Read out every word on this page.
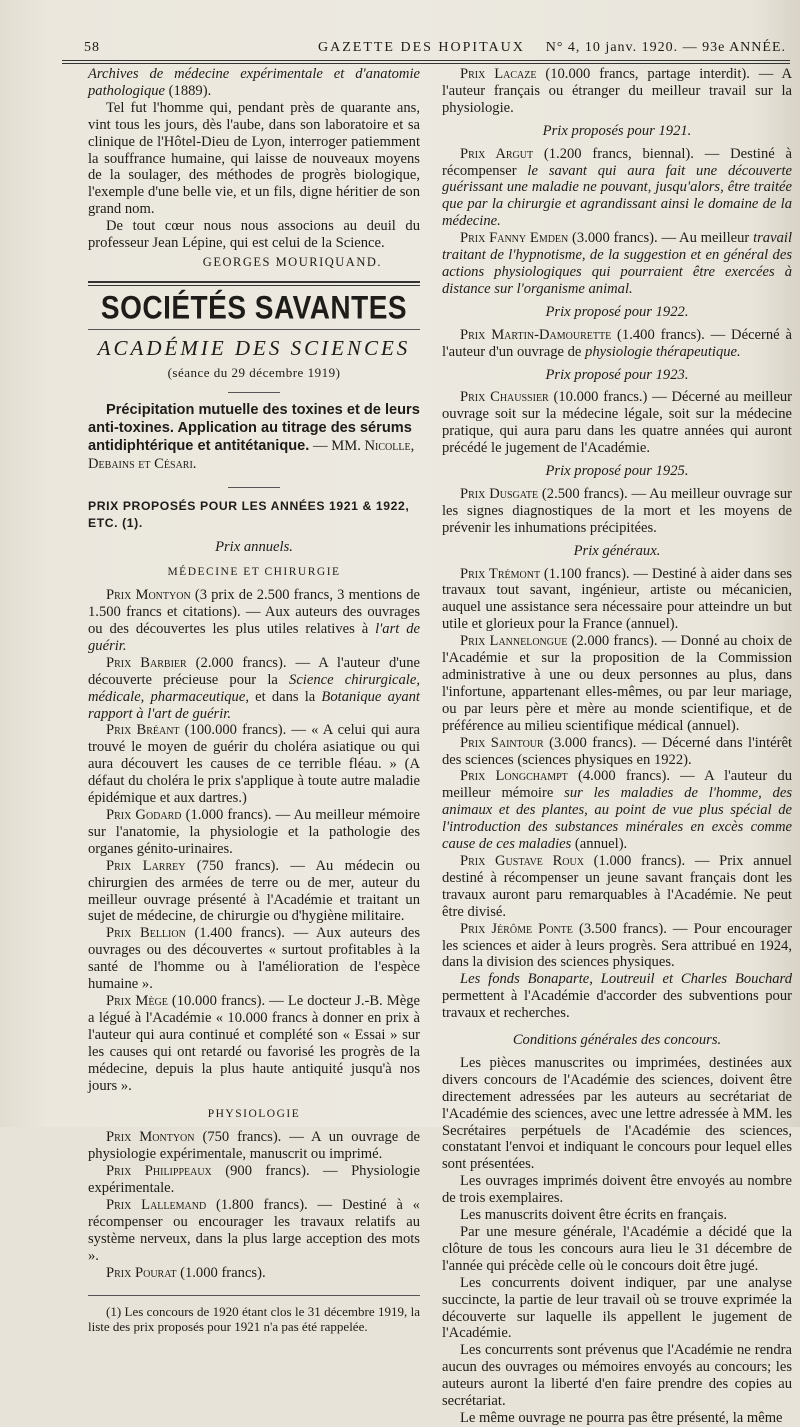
58	GAZETTE DES HOPITAUX N° 4, 10 janv. 1920. — 93e ANNÉE.

Archives de médecine expérimentale et d'anatomie pathologique (1889).

Tel fut l'homme qui, pendant près de quarante ans, vint tous les jours, dès l'aube, dans son laboratoire et sa clinique de l'Hôtel-Dieu de Lyon, interroger patiemment la souffrance humaine, qui laisse de nouveaux moyens de la soulager, des méthodes de progrès biologique, l'exemple d'une belle vie, et un fils, digne héritier de son grand nom.

De tout cœur nous nous associons au deuil du professeur Jean Lépine, qui est celui de la Science.

GEORGES MOURIQUAND.
SOCIÉTÉS SAVANTES
ACADÉMIE DES SCIENCES
(séance du 29 décembre 1919)

Précipitation mutuelle des toxines et de leurs anti-toxines. Application au titrage des sérums antidiphtérique et antitétanique. — MM. Nicolle, Debains et Césari.

PRIX PROPOSÉS POUR LES ANNÉES 1921 & 1922, ETC. (1).
Prix annuels.
MÉDECINE ET CHIRURGIE

Prix Montyon (3 prix de 2.500 francs, 3 mentions de 1.500 francs et citations). — Aux auteurs des ouvrages ou des découvertes les plus utiles relatives à l'art de guérir.

Prix Barbier (2.000 francs). — A l'auteur d'une découverte précieuse pour la Science chirurgicale, médicale, pharmaceutique, et dans la Botanique ayant rapport à l'art de guérir.

Prix Bréant (100.000 francs). — « A celui qui aura trouvé le moyen de guérir du choléra asiatique ou qui aura découvert les causes de ce terrible fléau. » (A défaut du choléra le prix s'applique à toute autre maladie épidémique et aux dartres.)

Prix Godard (1.000 francs). — Au meilleur mémoire sur l'anatomie, la physiologie et la pathologie des organes génito-urinaires.

Prix Larrey (750 francs). — Au médecin ou chirurgien des armées de terre ou de mer, auteur du meilleur ouvrage présenté à l'Académie et traitant un sujet de médecine, de chirurgie ou d'hygiène militaire.

Prix Bellion (1.400 francs). — Aux auteurs des ouvrages ou des découvertes « surtout profitables à la santé de l'homme ou à l'amélioration de l'espèce humaine ».

Prix Mège (10.000 francs). — Le docteur J.-B. Mège a légué à l'Académie « 10.000 francs à donner en prix à l'auteur qui aura continué et complété son « Essai » sur les causes qui ont retardé ou favorisé les progrès de la médecine, depuis la plus haute antiquité jusqu'à nos jours ».

PHYSIOLOGIE

Prix Montyon (750 francs). — A un ouvrage de physiologie expérimentale, manuscrit ou imprimé.

Prix Philippeaux (900 francs). — Physiologie expérimentale.

Prix Lallemand (1.800 francs). — Destiné à « récompenser ou encourager les travaux relatifs au système nerveux, dans la plus large acception des mots ».

Prix Pourat (1.000 francs).

(1) Les concours de 1920 étant clos le 31 décembre 1919, la liste des prix proposés pour 1921 n'a pas été rappelée.

Prix Lacaze (10.000 francs, partage interdit). — A l'auteur français ou étranger du meilleur travail sur la physiologie.

Prix proposés pour 1921.

Prix Argut (1.200 francs, biennal). — Destiné à récompenser le savant qui aura fait une découverte guérissant une maladie ne pouvant, jusqu'alors, être traitée que par la chirurgie et agrandissant ainsi le domaine de la médecine.

Prix Fanny Emden (3.000 francs). — Au meilleur travail traitant de l'hypnotisme, de la suggestion et en général des actions physiologiques qui pourraient être exercées à distance sur l'organisme animal.

Prix proposé pour 1922.

Prix Martin-Damourette (1.400 francs). — Décerné à l'auteur d'un ouvrage de physiologie thérapeutique.

Prix proposé pour 1923.

Prix Chaussier (10.000 francs.) — Décerné au meilleur ouvrage soit sur la médecine légale, soit sur la médecine pratique, qui aura paru dans les quatre années qui auront précédé le jugement de l'Académie.

Prix proposé pour 1925.

Prix Dusgate (2.500 francs). — Au meilleur ouvrage sur les signes diagnostiques de la mort et les moyens de prévenir les inhumations précipitées.

Prix généraux.

Prix Trémont (1.100 francs). — Destiné à aider dans ses travaux tout savant, ingénieur, artiste ou mécanicien, auquel une assistance sera nécessaire pour atteindre un but utile et glorieux pour la France (annuel).

Prix Lannelongue (2.000 francs). — Donné au choix de l'Académie et sur la proposition de la Commission administrative à une ou deux personnes au plus, dans l'infortune, appartenant elles-mêmes, ou par leur mariage, ou par leurs père et mère au monde scientifique, et de préférence au milieu scientifique médical (annuel).

Prix Saintour (3.000 francs). — Décerné dans l'intérêt des sciences (sciences physiques en 1922).

Prix Longchampt (4.000 francs). — A l'auteur du meilleur mémoire sur les maladies de l'homme, des animaux et des plantes, au point de vue plus spécial de l'introduction des substances minérales en excès comme cause de ces maladies (annuel).

Prix Gustave Roux (1.000 francs). — Prix annuel destiné à récompenser un jeune savant français dont les travaux auront paru remarquables à l'Académie. Ne peut être divisé.

Prix Jérôme Ponte (3.500 francs). — Pour encourager les sciences et aider à leurs progrès. Sera attribué en 1924, dans la division des sciences physiques.

Les fonds Bonaparte, Loutreuil et Charles Bouchard permettent à l'Académie d'accorder des subventions pour travaux et recherches.

Conditions générales des concours.

Les pièces manuscrites ou imprimées, destinées aux divers concours de l'Académie des sciences, doivent être directement adressées par les auteurs au secrétariat de l'Académie des sciences, avec une lettre adressée à MM. les Secrétaires perpétuels de l'Académie des sciences, constatant l'envoi et indiquant le concours pour lequel elles sont présentées.

Les ouvrages imprimés doivent être envoyés au nombre de trois exemplaires.

Les manuscrits doivent être écrits en français.

Par une mesure générale, l'Académie a décidé que la clôture de tous les concours aura lieu le 31 décembre de l'année qui précède celle où le concours doit être jugé.

Les concurrents doivent indiquer, par une analyse succincte, la partie de leur travail où se trouve exprimée la découverte sur laquelle ils appellent le jugement de l'Académie.

Les concurrents sont prévenus que l'Académie ne rendra aucun des ouvrages ou mémoires envoyés au concours; les auteurs auront la liberté d'en faire prendre des copies au secrétariat.

Le même ouvrage ne pourra pas être présenté, la même
